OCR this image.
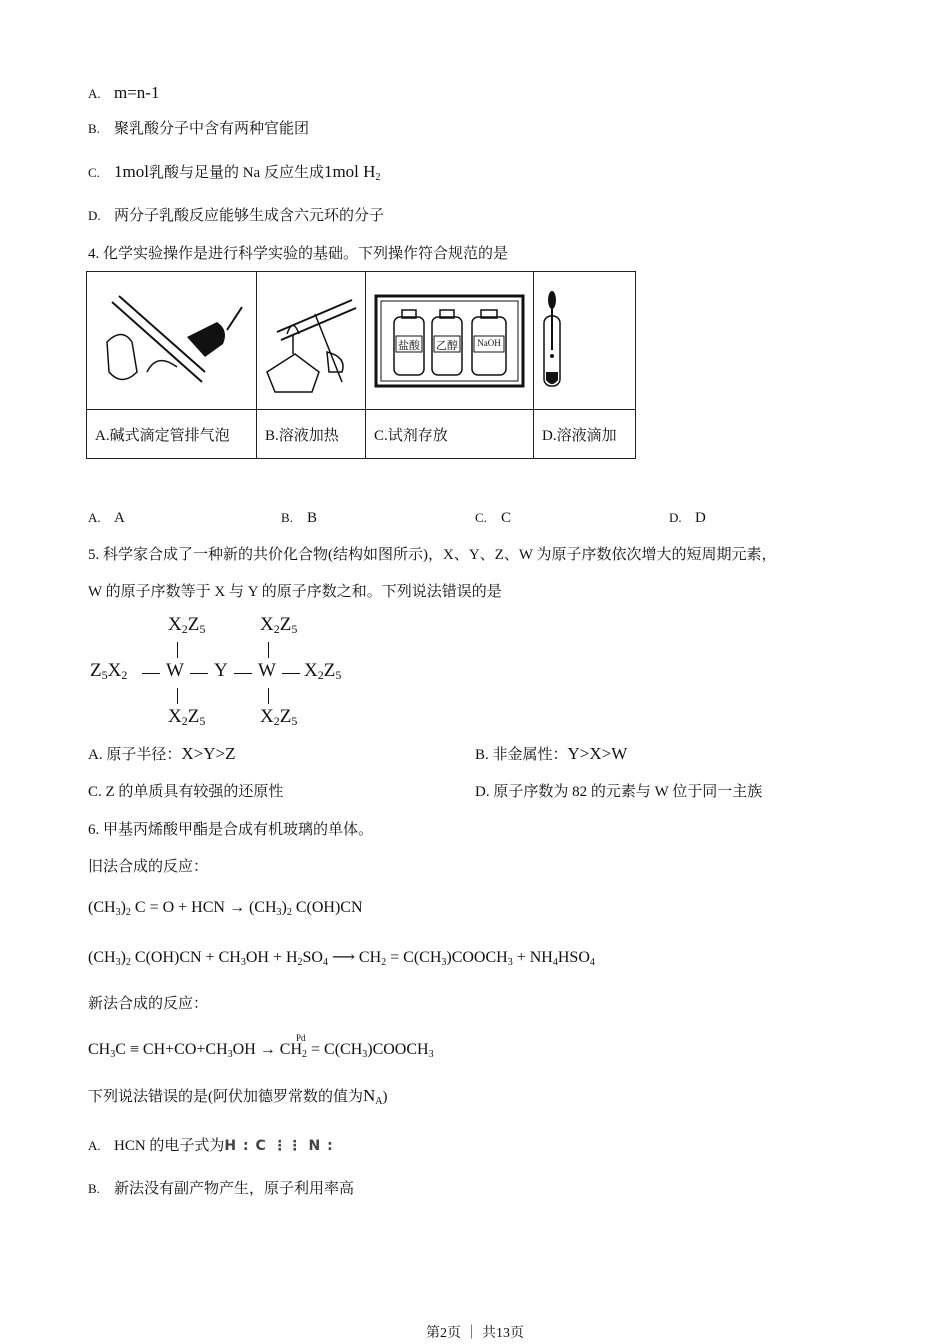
A. m=n-1
B. 聚乳酸分子中含有两种官能团
C. 1mol乳酸与足量的 Na 反应生成1mol $H_2$
D. 两分子乳酸反应能够生成含六元环的分子
4. 化学实验操作是进行科学实验的基础。下列操作符合规范的是

盐酸 乙醇 NaOH

A.碱式滴定管排气泡	B.溶液加热	C.试剂存放	D.溶液滴加
A. A	B. B	C. C	D. D
5. 科学家合成了一种新的共价化合物(结构如图所示)，X、Y、Z、W 为原子序数依次增大的短周期元素，
W 的原子序数等于 X 与 Y 的原子序数之和。下列说法错误的是
$X_2Z_5$	$X_2Z_5$
$Z_5X_2$ W Y W $X_2Z_5$
$X_2Z_5$	$X_2Z_5$
A. 原子半径：X>Y>Z	B. 非金属性：Y>X>W
C. Z 的单质具有较强的还原性	D. 原子序数为 82 的元素与 W 位于同一主族
6. 甲基丙烯酸甲酯是合成有机玻璃的单体。
旧法合成的反应：
$(CH_3)_2$ C = O + HCN → $(CH_3)_2$ C(OH)CN
$(CH_3)_2$ $C(OH)CN + CH_3OH + H_2SO_4$ ⟶ $CH_2$ = $C(CH_3)COOCH_3 + NH_4HSO_4$
新法合成的反应：
Pd
$CH_3C \equiv CH+CO+CH_3OH \to CH_2$ = $C(CH_3)COOCH_3$
下列说法错误的是(阿伏加德罗常数的值为$N_A$)
A. HCN 的电子式为H : C ⋮⋮ N :
B. 新法没有副产物产生，原子利用率高
第2页 ｜ 共13页
